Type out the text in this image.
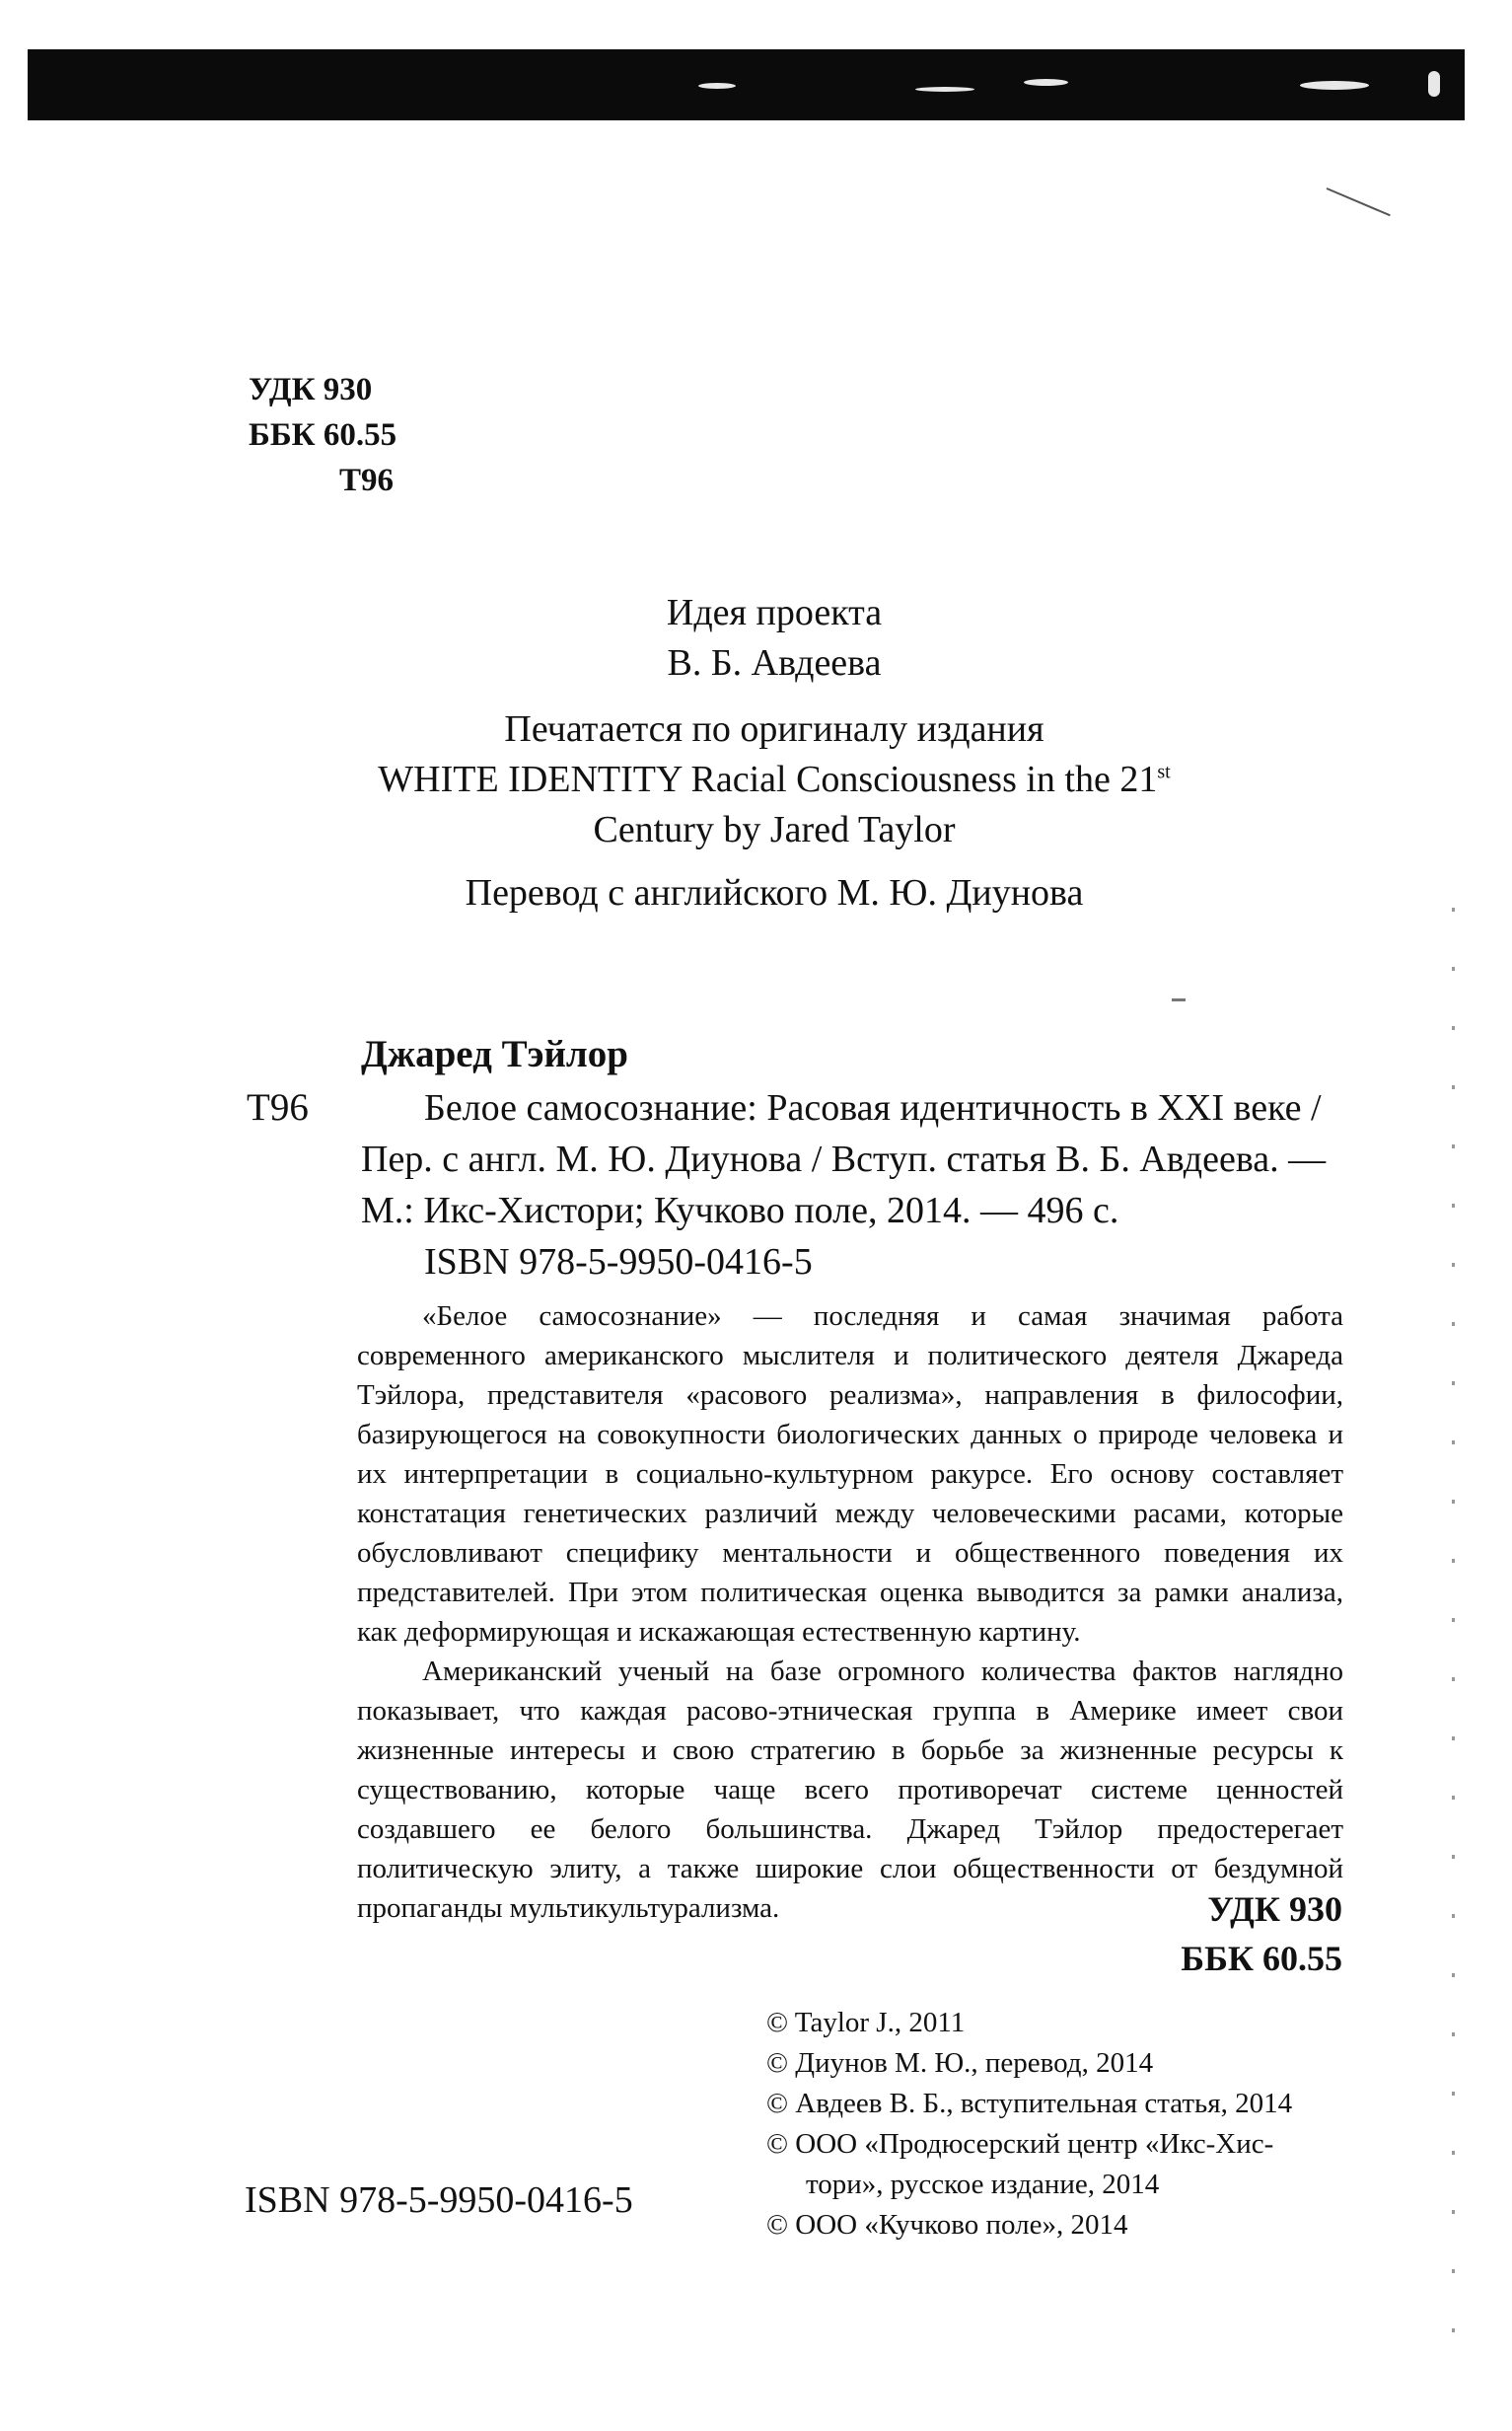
УДК 930
ББК 60.55
Т96
Идея проекта
В. Б. Авдеева
Печатается по оригиналу издания
WHITE IDENTITY Racial Consciousness in the 21st
Century by Jared Taylor
Перевод с английского М. Ю. Диунова
Джаред Тэйлор
Т96	Белое самосознание: Расовая идентичность в XXI веке /
Пер. с англ. М. Ю. Диунова / Вступ. статья В. Б. Авдеева. —
М.: Икс-Хистори; Кучково поле, 2014. — 496 с.
ISBN 978-5-9950-0416-5

«Белое самосознание» — последняя и самая значимая работа современного американского мыслителя и политического деятеля Джареда Тэйлора, представителя «расового реализма», направления в философии, базирующегося на совокупности биологических данных о природе человека и их интерпретации в социально-культурном ракурсе. Его основу составляет констатация генетических различий между человеческими расами, которые обусловливают специфику ментальности и общественного поведения их представителей. При этом политическая оценка выводится за рамки анализа, как деформирующая и искажающая естественную картину.

Американский ученый на базе огромного количества фактов наглядно показывает, что каждая расово-этническая группа в Америке имеет свои жизненные интересы и свою стратегию в борьбе за жизненные ресурсы к существованию, которые чаще всего противоречат системе ценностей создавшего ее белого большинства. Джаред Тэйлор предостерегает политическую элиту, а также широкие слои общественности от бездумной пропаганды мультикультурализма.	УДК 930
ББК 60.55
© Taylor J., 2011
© Диунов М. Ю., перевод, 2014
© Авдеев В. Б., вступительная статья, 2014
© ООО «Продюсерский центр «Икс-Хис-
тори», русское издание, 2014
© ООО «Кучково поле», 2014
ISBN 978-5-9950-0416-5
